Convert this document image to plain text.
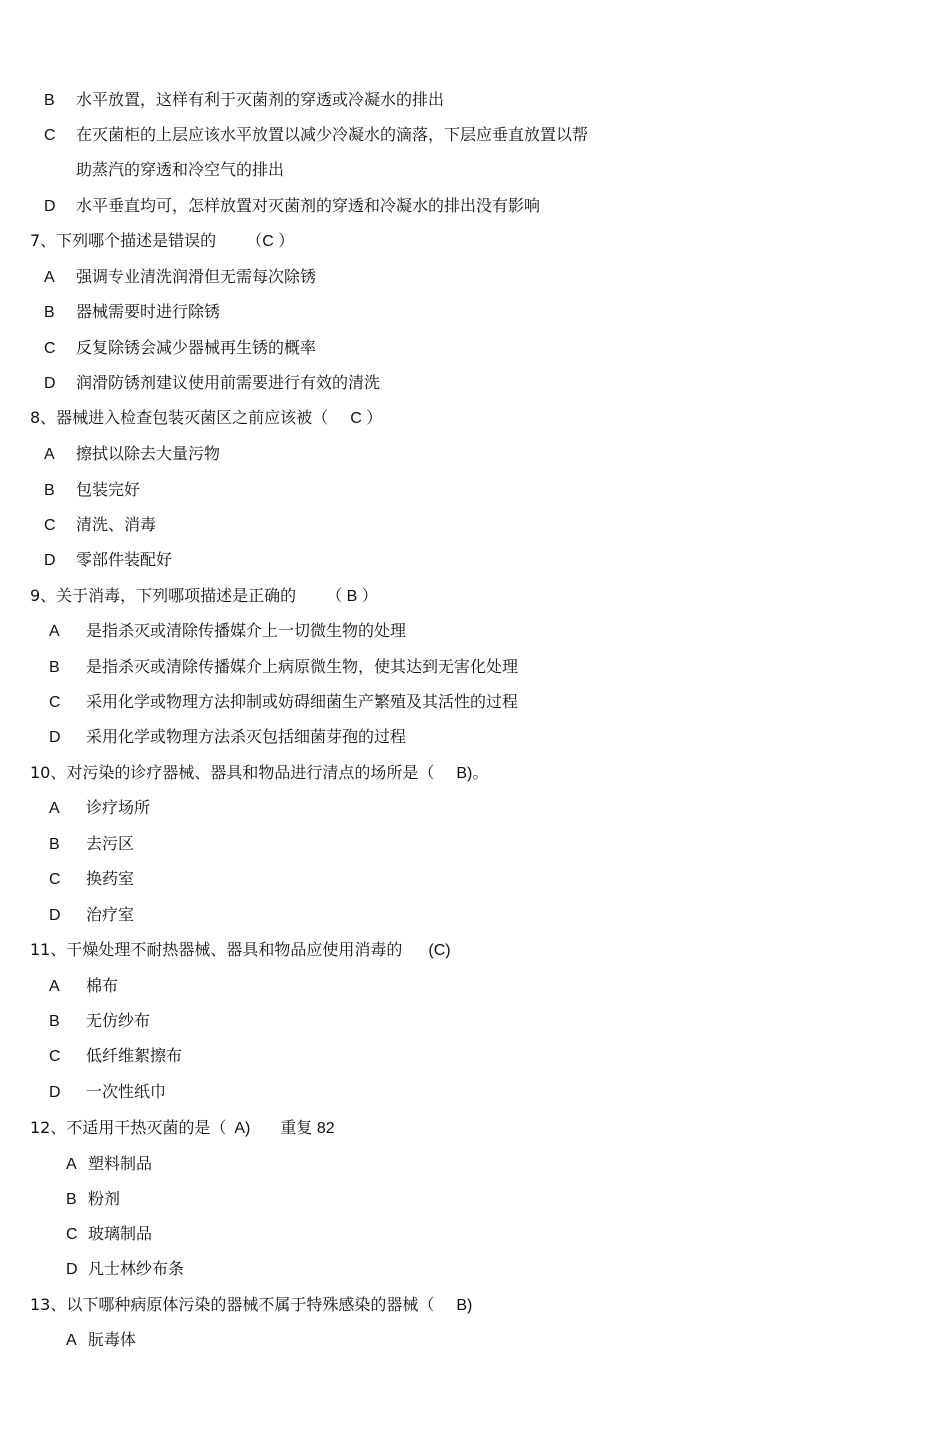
B 水平放置，这样有利于灭菌剂的穿透或冷凝水的排出
C 在灭菌柜的上层应该水平放置以减少冷凝水的滴落，下层应垂直放置以帮
助蒸汽的穿透和冷空气的排出
D 水平垂直均可，怎样放置对灭菌剂的穿透和冷凝水的排出没有影响
7、下列哪个描述是错误的 （C ）
A 强调专业清洗润滑但无需每次除锈
B 器械需要时进行除锈
C 反复除锈会减少器械再生锈的概率
D 润滑防锈剂建议使用前需要进行有效的清洗
8、器械进入检查包装灭菌区之前应该被（ C ）
A 擦拭以除去大量污物
B 包装完好
C 清洗、消毒
D 零部件装配好
9、关于消毒，下列哪项描述是正确的 （ B ）
A 是指杀灭或清除传播媒介上一切微生物的处理
B 是指杀灭或清除传播媒介上病原微生物，使其达到无害化处理
C 采用化学或物理方法抑制或妨碍细菌生产繁殖及其活性的过程
D 采用化学或物理方法杀灭包括细菌芽孢的过程
10、对污染的诊疗器械、器具和物品进行清点的场所是（ B)。
A 诊疗场所
B 去污区
C 换药室
D 治疗室
11、干燥处理不耐热器械、器具和物品应使用消毒的 (C)
A 棉布
B 无仿纱布
C 低纤维絮擦布
D 一次性纸巾
12、不适用干热灭菌的是（ A) 重复 82
A 塑料制品
B 粉剂
C 玻璃制品
D 凡士林纱布条
13、以下哪种病原体污染的器械不属于特殊感染的器械（ B)
A 朊毒体
